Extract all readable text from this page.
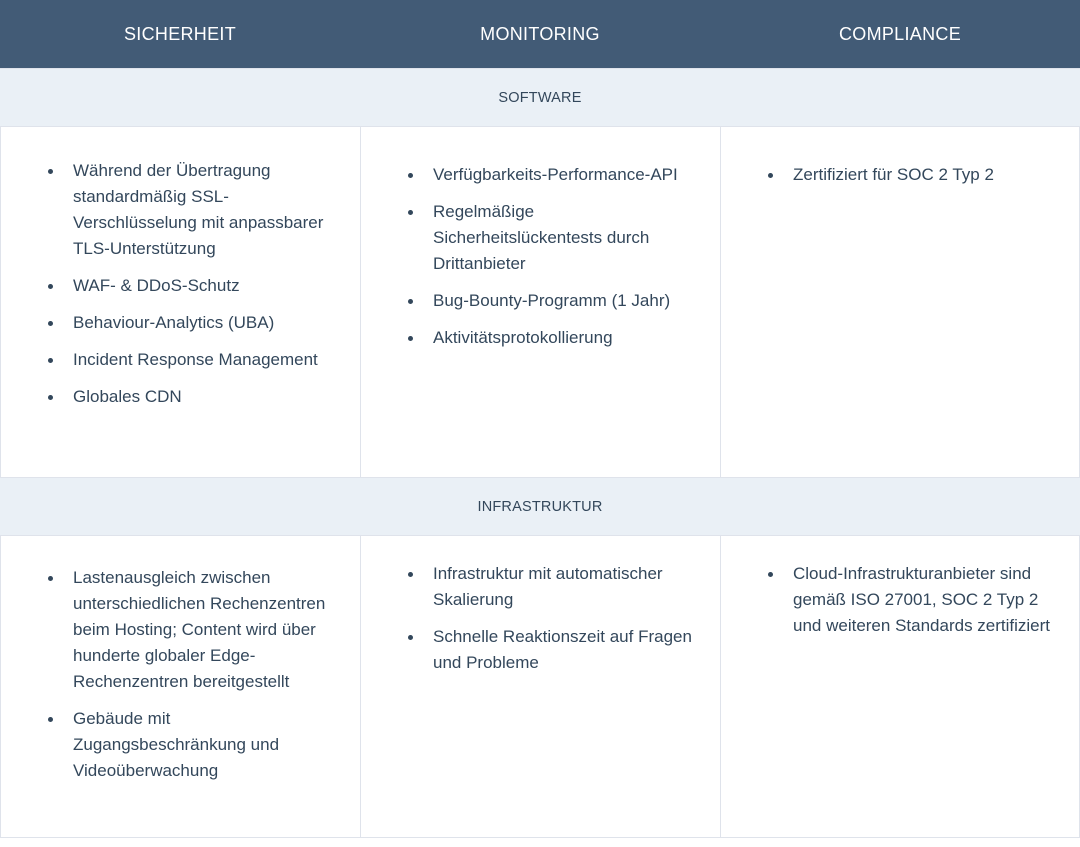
SICHERHEIT	MONITORING	COMPLIANCE
SOFTWARE
Während der Übertragung standardmäßig SSL-Verschlüsselung mit anpassbarer TLS-Unterstützung
WAF- & DDoS-Schutz
Behaviour-Analytics (UBA)
Incident Response Management
Globales CDN
Verfügbarkeits-Performance-API
Regelmäßige Sicherheitslückentests durch Drittanbieter
Bug-Bounty-Programm (1 Jahr)
Aktivitätsprotokollierung
Zertifiziert für SOC 2 Typ 2
INFRASTRUKTUR
Lastenausgleich zwischen unterschiedlichen Rechenzentren beim Hosting; Content wird über hunderte globaler Edge-Rechenzentren bereitgestellt
Gebäude mit Zugangsbeschränkung und Videoüberwachung
Infrastruktur mit automatischer Skalierung
Schnelle Reaktionszeit auf Fragen und Probleme
Cloud-Infrastrukturanbieter sind gemäß ISO 27001, SOC 2 Typ 2 und weiteren Standards zertifiziert
